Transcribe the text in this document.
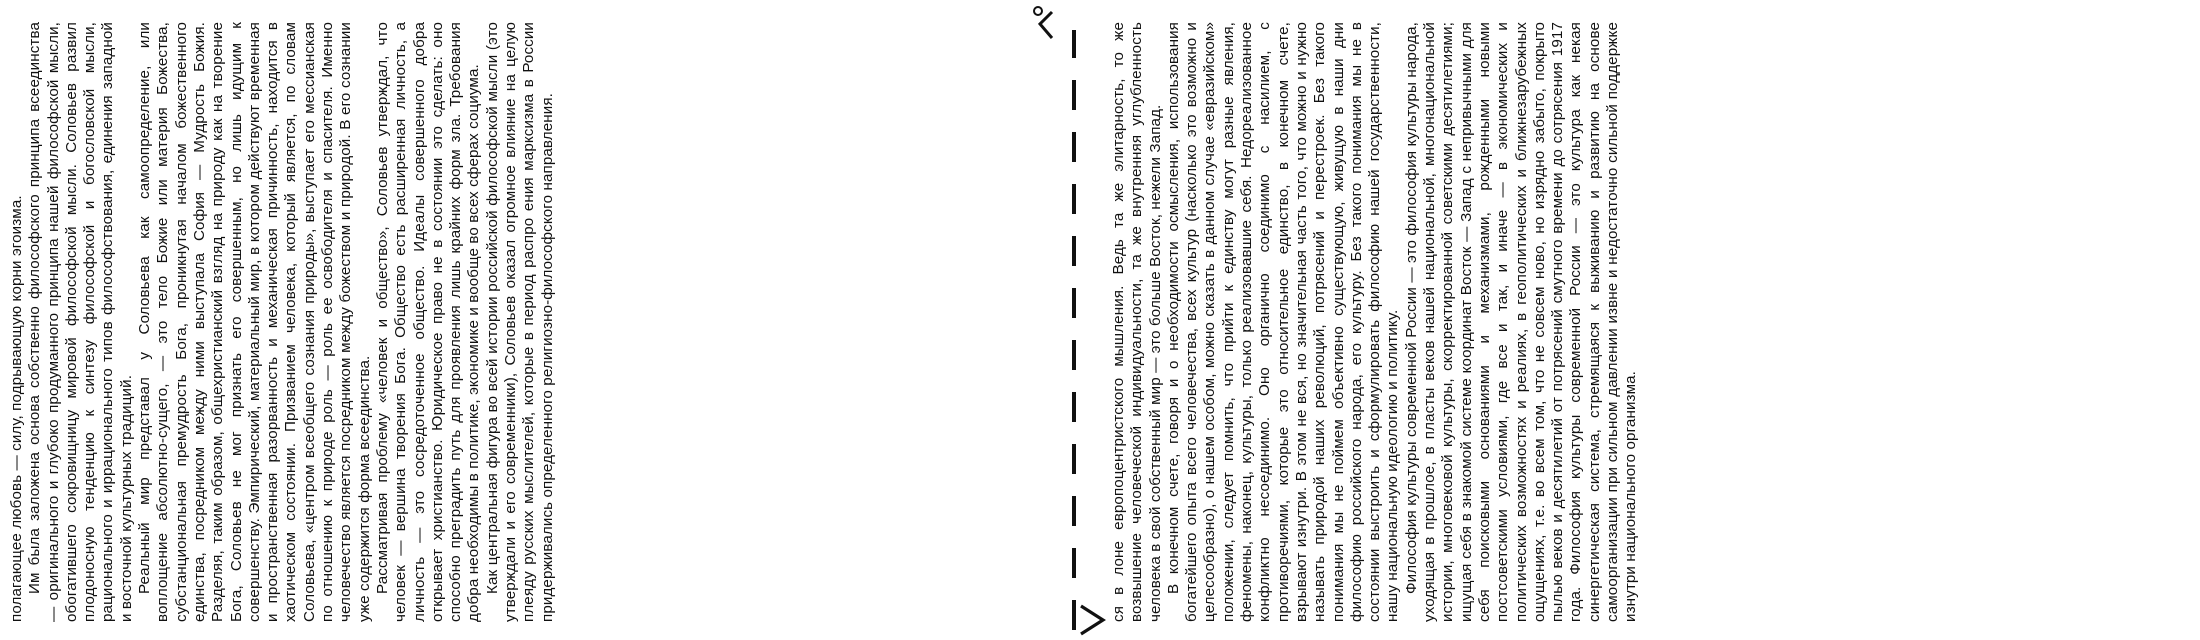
полагающее любовь — силу, подрывающую корни эгоизма. Им была заложена основа собственно философского принципа всеединства — оригинального и глубоко продуманного принципа нашей философской мысли, обогатившего сокровищницу мировой философской мысли. Соловьев развил плодоносную тенденцию к синтезу философской и богословской мысли, рационального и иррационального типов философствования, единения западной и восточной культурных традиций. Реальный мир представал у Соловьева как самоопределение, или воплощение абсолютно-сущего, — это тело Божие или материя Божества, субстанциональная премудрость Бога, проникнутая началом божественного единства, посредником между ними выступала София — Мудрость Божия. Разделяя, таким образом, общехристианский взгляд на природу как на творение Бога, Соловьев не мог признать его совершенным, но лишь идущим к совершенству. Эмпирический, материальный мир, в котором действуют временная и пространственная разорванность и механическая причинность, находится в хаотическом состоянии. Призванием человека, который является, по словам Соловьева, «центром всеобщего сознания природы», выступает его мессианская по отношению к природе роль — роль ее освободителя и спасителя. Именно человечество является посредником между божеством и природой. В его сознании уже содержится форма всеединства. Рассматривая проблему «человек и общество», Соловьев утверждал, что человек — вершина творения Бога. Общество есть расширенная личность, а личность — это сосредоточенное общество. Идеалы совершенного добра открывает христианство. Юридическое право не в состоянии это сделать: оно способно преградить путь для проявления лишь крайних форм зла. Требования добра необходимы в политике, экономике и вообще во всех сферах социума. Как центральная фигура во всей истории российской философской мысли (это утверждали и его современники), Соловьев оказал огромное влияние на целую плеяду русских мыслителей, которые в период распро ения марксизма в России придерживались определенного религиозно-философского направления.	ся в лоне европоцентристского мышления. Ведь та же элитарность, то же возвышение человеческой индивидуальности, та же внутренняя углубленность человека в свой собственный мир — это больше Восток, нежели Запад. В конечном счете, говоря и о необходимости осмысления, использования богатейшего опыта всего человечества, всех культур (насколько это возможно и целесообразно), о нашем особом, можно сказать в данном случае «евразийском» положении, следует помнить, что прийти к единству могут разные явления, феномены, наконец, культуры, только реализовавшие себя. Недореализованное конфликтно несоединимо. Оно органично соединимо с насилием, с противоречиями, которые это относительное единство, в конечном счете, взрывают изнутри. В этом не вся, но значительная часть того, что можно и нужно называть природой наших революций, потрясений и перестроек. Без такого понимания мы не поймем объективно существующую, живущую в наши дни философию российского народа, его культуру. Без такого понимания мы не в состоянии выстроить и сформулировать философию нашей государственности, нашу национальную идеологию и политику. Философия культуры современной России — это философия культуры народа, уходящая в прошлое, в пласты веков нашей национальной, многонациональной истории, многовековой культуры, скорректированной советскими десятилетиями; ищущая себя в знакомой системе координат Восток — Запад с непривычными для себя поисковыми основаниями и механизмами, рожденными новыми постсоветскими условиями, где все и так, и иначе — в экономических и политических возможностях и реалиях, в геополитических и ближнезарубежных ощущениях, т.е. во всем том, что не совсем ново, но изрядно забыто, покрыто пылью веков и десятилетий от потрясений смутного времени до сотрясения 1917 года. Философия культуры современной России — это культура как некая синергетическая система, стремящаяся к выживанию и развитию на основе самоорганизации при сильном давлении извне и недостаточно сильной поддержке изнутри национального организма.
